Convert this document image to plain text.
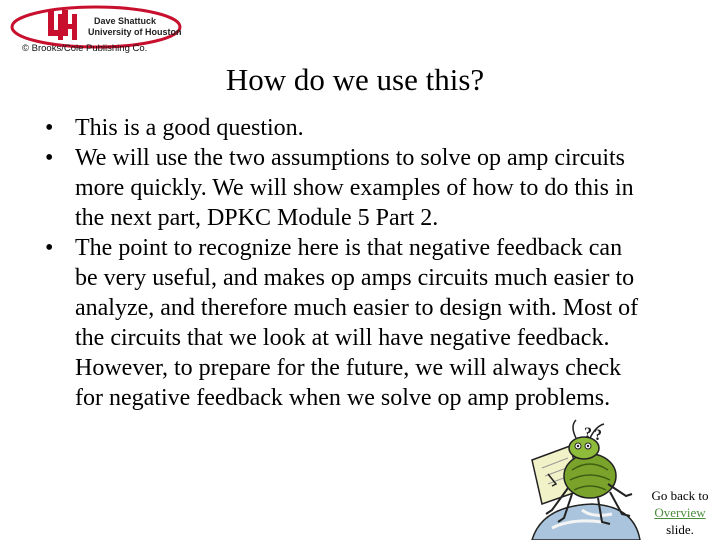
Dave Shattuck
University of Houston
© Brooks/Cole Publishing Co.
How do we use this?
• This is a good question.
• We will use the two assumptions to solve op amp circuits more quickly. We will show examples of how to do this in the next part, DPKC Module 5 Part 2.
• The point to recognize here is that negative feedback can be very useful, and makes op amps circuits much easier to analyze, and therefore much easier to design with. Most of the circuits that we look at will have negative feedback. However, to prepare for the future, we will always check for negative feedback when we solve op amp problems.
? ?
Go back to
Overview
slide.
